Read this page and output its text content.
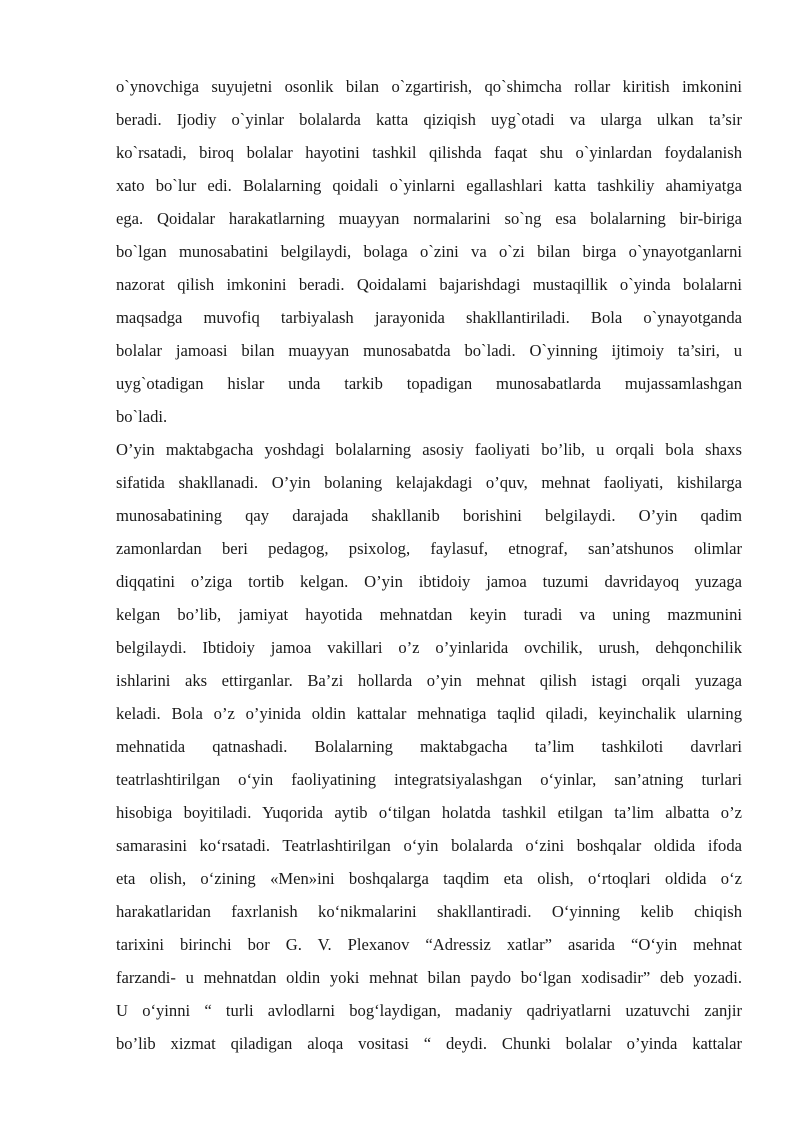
o`ynovchiga suyujetni osonlik bilan o`zgartirish, qo`shimcha rollar kiritish imkonini
beradi. Ijodiy o`yinlar bolalarda katta qiziqish uyg`otadi va ularga ulkan ta’sir
ko`rsatadi, biroq bolalar hayotini tashkil qilishda faqat shu o`yinlardan foydalanish
xato bo`lur edi. Bolalarning qoidali o`yinlarni egallashlari katta tashkiliy ahamiyatga
ega. Qoidalar harakatlarning muayyan normalarini so`ng esa bolalarning bir-biriga
bo`lgan munosabatini belgilaydi, bolaga o`zini va o`zi bilan birga o`ynayotganlarni
nazorat qilish imkonini beradi. Qoidalami bajarishdagi mustaqillik o`yinda bolalarni
maqsadga muvofiq tarbiyalash jarayonida shakllantiriladi. Bola o`ynayotganda
bolalar jamoasi bilan muayyan munosabatda bo`ladi. O`yinning ijtimoiy ta’siri, u
uyg`otadigan hislar unda tarkib topadigan munosabatlarda mujassamlashgan
bo`ladi.
O’yin maktabgacha yoshdagi bolalarning asosiy faoliyati bo’lib, u orqali bola shaxs
sifatida shakllanadi. O’yin bolaning kelajakdagi o’quv, mehnat faoliyati, kishilarga
munosabatining qay darajada shakllanib borishini belgilaydi. O’yin qadim
zamonlardan beri pedagog, psixolog, faylasuf, etnograf, san’atshunos olimlar
diqqatini o’ziga tortib kelgan. O’yin ibtidoiy jamoa tuzumi davridayoq yuzaga
kelgan bo’lib, jamiyat hayotida mehnatdan keyin turadi va uning mazmunini
belgilaydi. Ibtidoiy jamoa vakillari o’z o’yinlarida ovchilik, urush, dehqonchilik
ishlarini aks ettirganlar. Ba’zi hollarda o’yin mehnat qilish istagi orqali yuzaga
keladi. Bola o’z o’yinida oldin kattalar mehnatiga taqlid qiladi, keyinchalik ularning
mehnatida qatnashadi. Bolalarning maktabgacha ta’lim tashkiloti davrlari
teatrlashtirilgan o‘yin faoliyatining integratsiyalashgan o‘yinlar, san’atning turlari
hisobiga boyitiladi. Yuqorida aytib o‘tilgan holatda tashkil etilgan ta’lim albatta o’z
samarasini ko‘rsatadi. Teatrlashtirilgan o‘yin bolalarda o‘zini boshqalar oldida ifoda
eta olish, o‘zining «Men»ini boshqalarga taqdim eta olish, o‘rtoqlari oldida o‘z
harakatlaridan faxrlanish ko‘nikmalarini shakllantiradi. O‘yinning kelib chiqish
tarixini birinchi bor G. V. Plexanov “Adressiz xatlar” asarida “O‘yin mehnat
farzandi- u mehnatdan oldin yoki mehnat bilan paydo bo‘lgan xodisadir” deb yozadi.
U o‘yinni “ turli avlodlarni bog‘laydigan, madaniy qadriyatlarni uzatuvchi zanjir
bo’lib xizmat qiladigan aloqa vositasi “ deydi. Chunki bolalar o’yinda kattalar
